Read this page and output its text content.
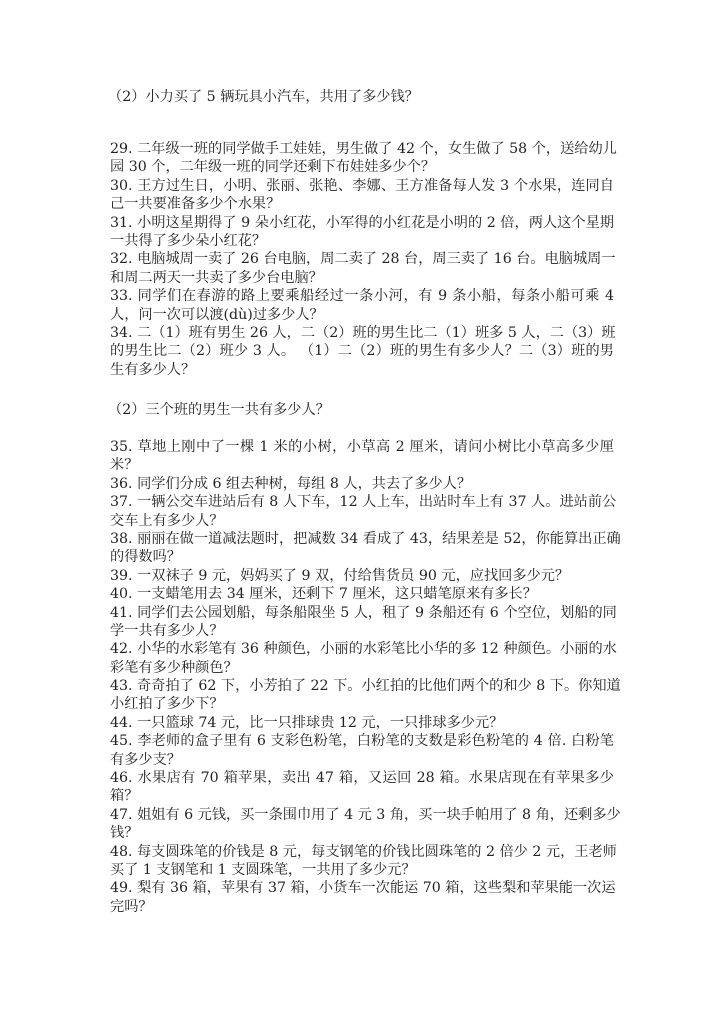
（2）小力买了 5 辆玩具小汽车，共用了多少钱？
29. 二年级一班的同学做手工娃娃，男生做了 42 个，女生做了 58 个，送给幼儿
园 30 个，二年级一班的同学还剩下布娃娃多少个？
30. 王方过生日，小明、张丽、张艳、李娜、王方准备每人发 3 个水果，连同自
己一共要准备多少个水果？
31. 小明这星期得了 9 朵小红花，小军得的小红花是小明的 2 倍，两人这个星期
一共得了多少朵小红花？
32. 电脑城周一卖了 26 台电脑，周二卖了 28 台，周三卖了 16 台。电脑城周一
和周二两天一共卖了多少台电脑？
33. 同学们在春游的路上要乘船经过一条小河，有 9 条小船，每条小船可乘 4
人，问一次可以渡(dù)过多少人？
34. 二（1）班有男生 26 人，二（2）班的男生比二（1）班多 5 人，二（3）班
的男生比二（2）班少 3 人。 （1）二（2）班的男生有多少人？二（3）班的男
生有多少人？
（2）三个班的男生一共有多少人？
35. 草地上刚中了一棵 1 米的小树，小草高 2 厘米，请问小树比小草高多少厘
米？
36. 同学们分成 6 组去种树，每组 8 人，共去了多少人？
37. 一辆公交车进站后有 8 人下车，12 人上车，出站时车上有 37 人。进站前公
交车上有多少人？
38. 丽丽在做一道减法题时，把减数 34 看成了 43，结果差是 52，你能算出正确
的得数吗？
39. 一双袜子 9 元，妈妈买了 9 双，付给售货员 90 元，应找回多少元？
40. 一支蜡笔用去 34 厘米，还剩下 7 厘米，这只蜡笔原来有多长？
41. 同学们去公园划船，每条船限坐 5 人，租了 9 条船还有 6 个空位，划船的同
学一共有多少人？
42. 小华的水彩笔有 36 种颜色，小丽的水彩笔比小华的多 12 种颜色。小丽的水
彩笔有多少种颜色？
43. 奇奇拍了 62 下，小芳拍了 22 下。小红拍的比他们两个的和少 8 下。你知道
小红拍了多少下？
44. 一只篮球 74 元，比一只排球贵 12 元，一只排球多少元？
45. 李老师的盒子里有 6 支彩色粉笔，白粉笔的支数是彩色粉笔的 4 倍. 白粉笔
有多少支？
46. 水果店有 70 箱苹果，卖出 47 箱，又运回 28 箱。水果店现在有苹果多少
箱？
47. 姐姐有 6 元钱，买一条围巾用了 4 元 3 角，买一块手帕用了 8 角，还剩多少
钱？
48. 每支圆珠笔的价钱是 8 元，每支钢笔的价钱比圆珠笔的 2 倍少 2 元，王老师
买了 1 支钢笔和 1 支圆珠笔，一共用了多少元？
49. 梨有 36 箱，苹果有 37 箱，小货车一次能运 70 箱，这些梨和苹果能一次运
完吗？
